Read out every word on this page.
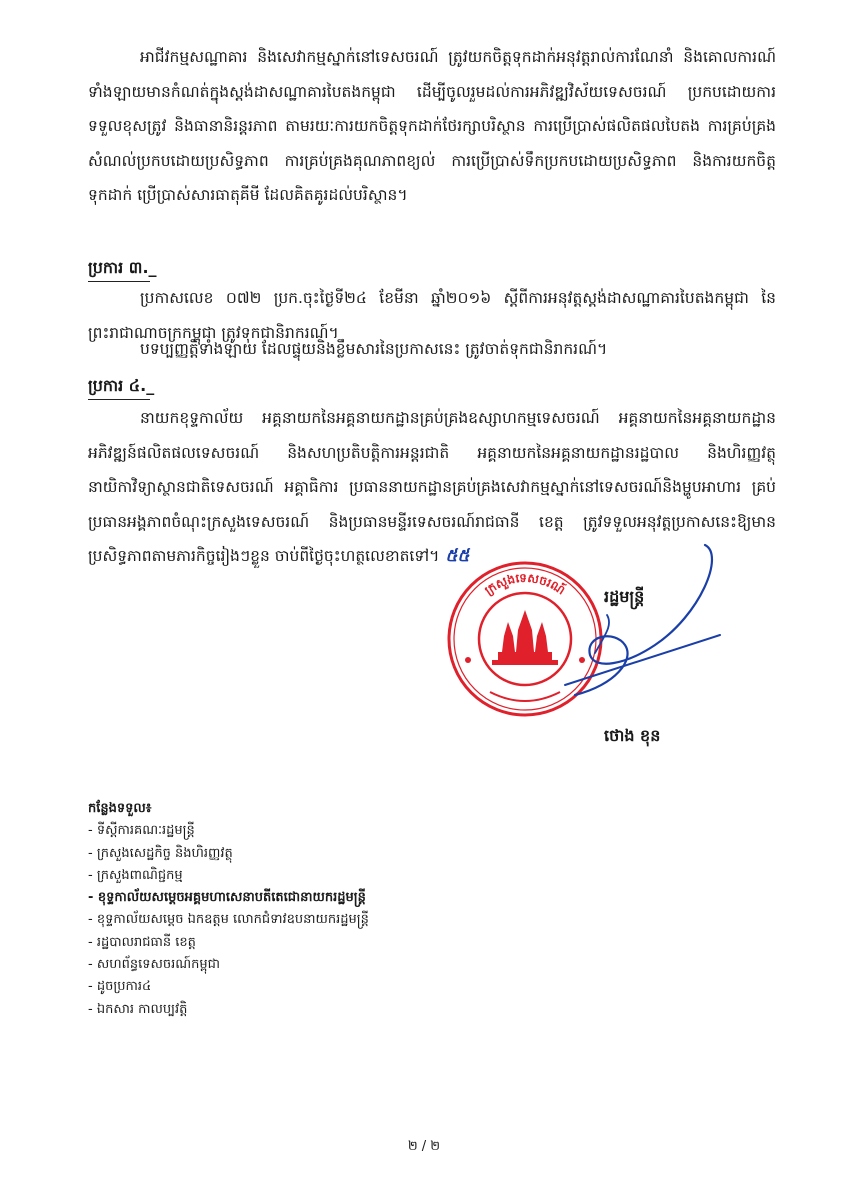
អាជីវកម្មសណ្ឋាគារ និងសេវាកម្មស្នាក់នៅទេសចរណ៍ ត្រូវយកចិត្តទុកដាក់អនុវត្តរាល់ការណែនាំ និងគោលការណ៍ទាំងឡាយមានកំណត់ក្នុងស្តង់ដាសណ្ឋាគារបៃតងកម្ពុជា ដើម្បីចូលរួមដល់ការអភិវឌ្ឍវិស័យទេសចរណ៍ ប្រកបដោយការទទួលខុសត្រូវ និងធានានិរន្តរភាព តាមរយៈការយកចិត្តទុកដាក់ថែរក្សាបរិស្ថាន ការប្រើប្រាស់ផលិតផលបៃតង ការគ្រប់គ្រងសំណល់ប្រកបដោយប្រសិទ្ធភាព ការគ្រប់គ្រងគុណភាពខ្យល់ ការប្រើប្រាស់ទឹកប្រកបដោយប្រសិទ្ធភាព និងការយកចិត្តទុកដាក់ ប្រើប្រាស់សារធាតុគីមី ដែលគិតគូរដល់បរិស្ថាន។

ប្រការ ៣._

ប្រកាសលេខ ០៧២ ប្រក.ចុះថ្ងៃទី២៤ ខែមីនា ឆ្នាំ២០១៦ ស្តីពីការអនុវត្តស្តង់ដាសណ្ឋាគារបៃតងកម្ពុជា នៃព្រះរាជាណាចក្រកម្ពុជា ត្រូវទុកជានិរាករណ៍។

បទប្បញ្ញត្តិទាំងឡាយ ដែលផ្ទុយនិងខ្លឹមសារនៃប្រកាសនេះ ត្រូវចាត់ទុកជានិរាករណ៍។

ប្រការ ៤._

នាយកខុទ្ទកាល័យ អគ្គនាយកនៃអគ្គនាយកដ្ឋានគ្រប់គ្រងឧស្សាហកម្មទេសចរណ៍ អគ្គនាយកនៃអគ្គនាយកដ្ឋានអភិវឌ្ឍន៍ផលិតផលទេសចរណ៍ និងសហប្រតិបត្តិការអន្តរជាតិ អគ្គនាយកនៃអគ្គនាយកដ្ឋានរដ្ឋបាល និងហិរញ្ញវត្ថុ នាយិកាវិទ្យាស្ថានជាតិទេសចរណ៍ អគ្គាធិការ ប្រធាននាយកដ្ឋានគ្រប់គ្រងសេវាកម្មស្នាក់នៅទេសចរណ៍និងម្ហូបអាហារ គ្រប់ប្រធានអង្គភាពចំណុះក្រសួងទេសចរណ៍ និងប្រធានមន្ទីរទេសចរណ៍រាជធានី ខេត្ត ត្រូវទទួលអនុវត្តប្រកាសនេះឱ្យមានប្រសិទ្ធភាពតាមភារកិច្ចរៀងៗខ្លួន ចាប់ពីថ្ងៃចុះហត្ថលេខាតទៅ។ ៥៥

ក្រសួងទេសចរណ៍ រដ្ឋមន្ត្រី
ថោង ខុន
កន្លែងទទួល៖
- ទីស្តីការគណៈរដ្ឋមន្ត្រី
- ក្រសួងសេដ្ឋកិច្ច និងហិរញ្ញវត្ថុ
- ក្រសួងពាណិជ្ជកម្ម
- ខុទ្ទកាល័យសម្តេចអគ្គមហាសេនាបតីតេជោនាយករដ្ឋមន្ត្រី
- ខុទ្ទកាល័យសម្តេច ឯកឧត្តម លោកជំទាវឧបនាយករដ្ឋមន្ត្រី
- រដ្ឋបាលរាជធានី ខេត្ត
- សហព័ន្ធទេសចរណ៍កម្ពុជា
- ដូចប្រការ៤
- ឯកសារ កាលប្បវត្តិ
២ / ២
